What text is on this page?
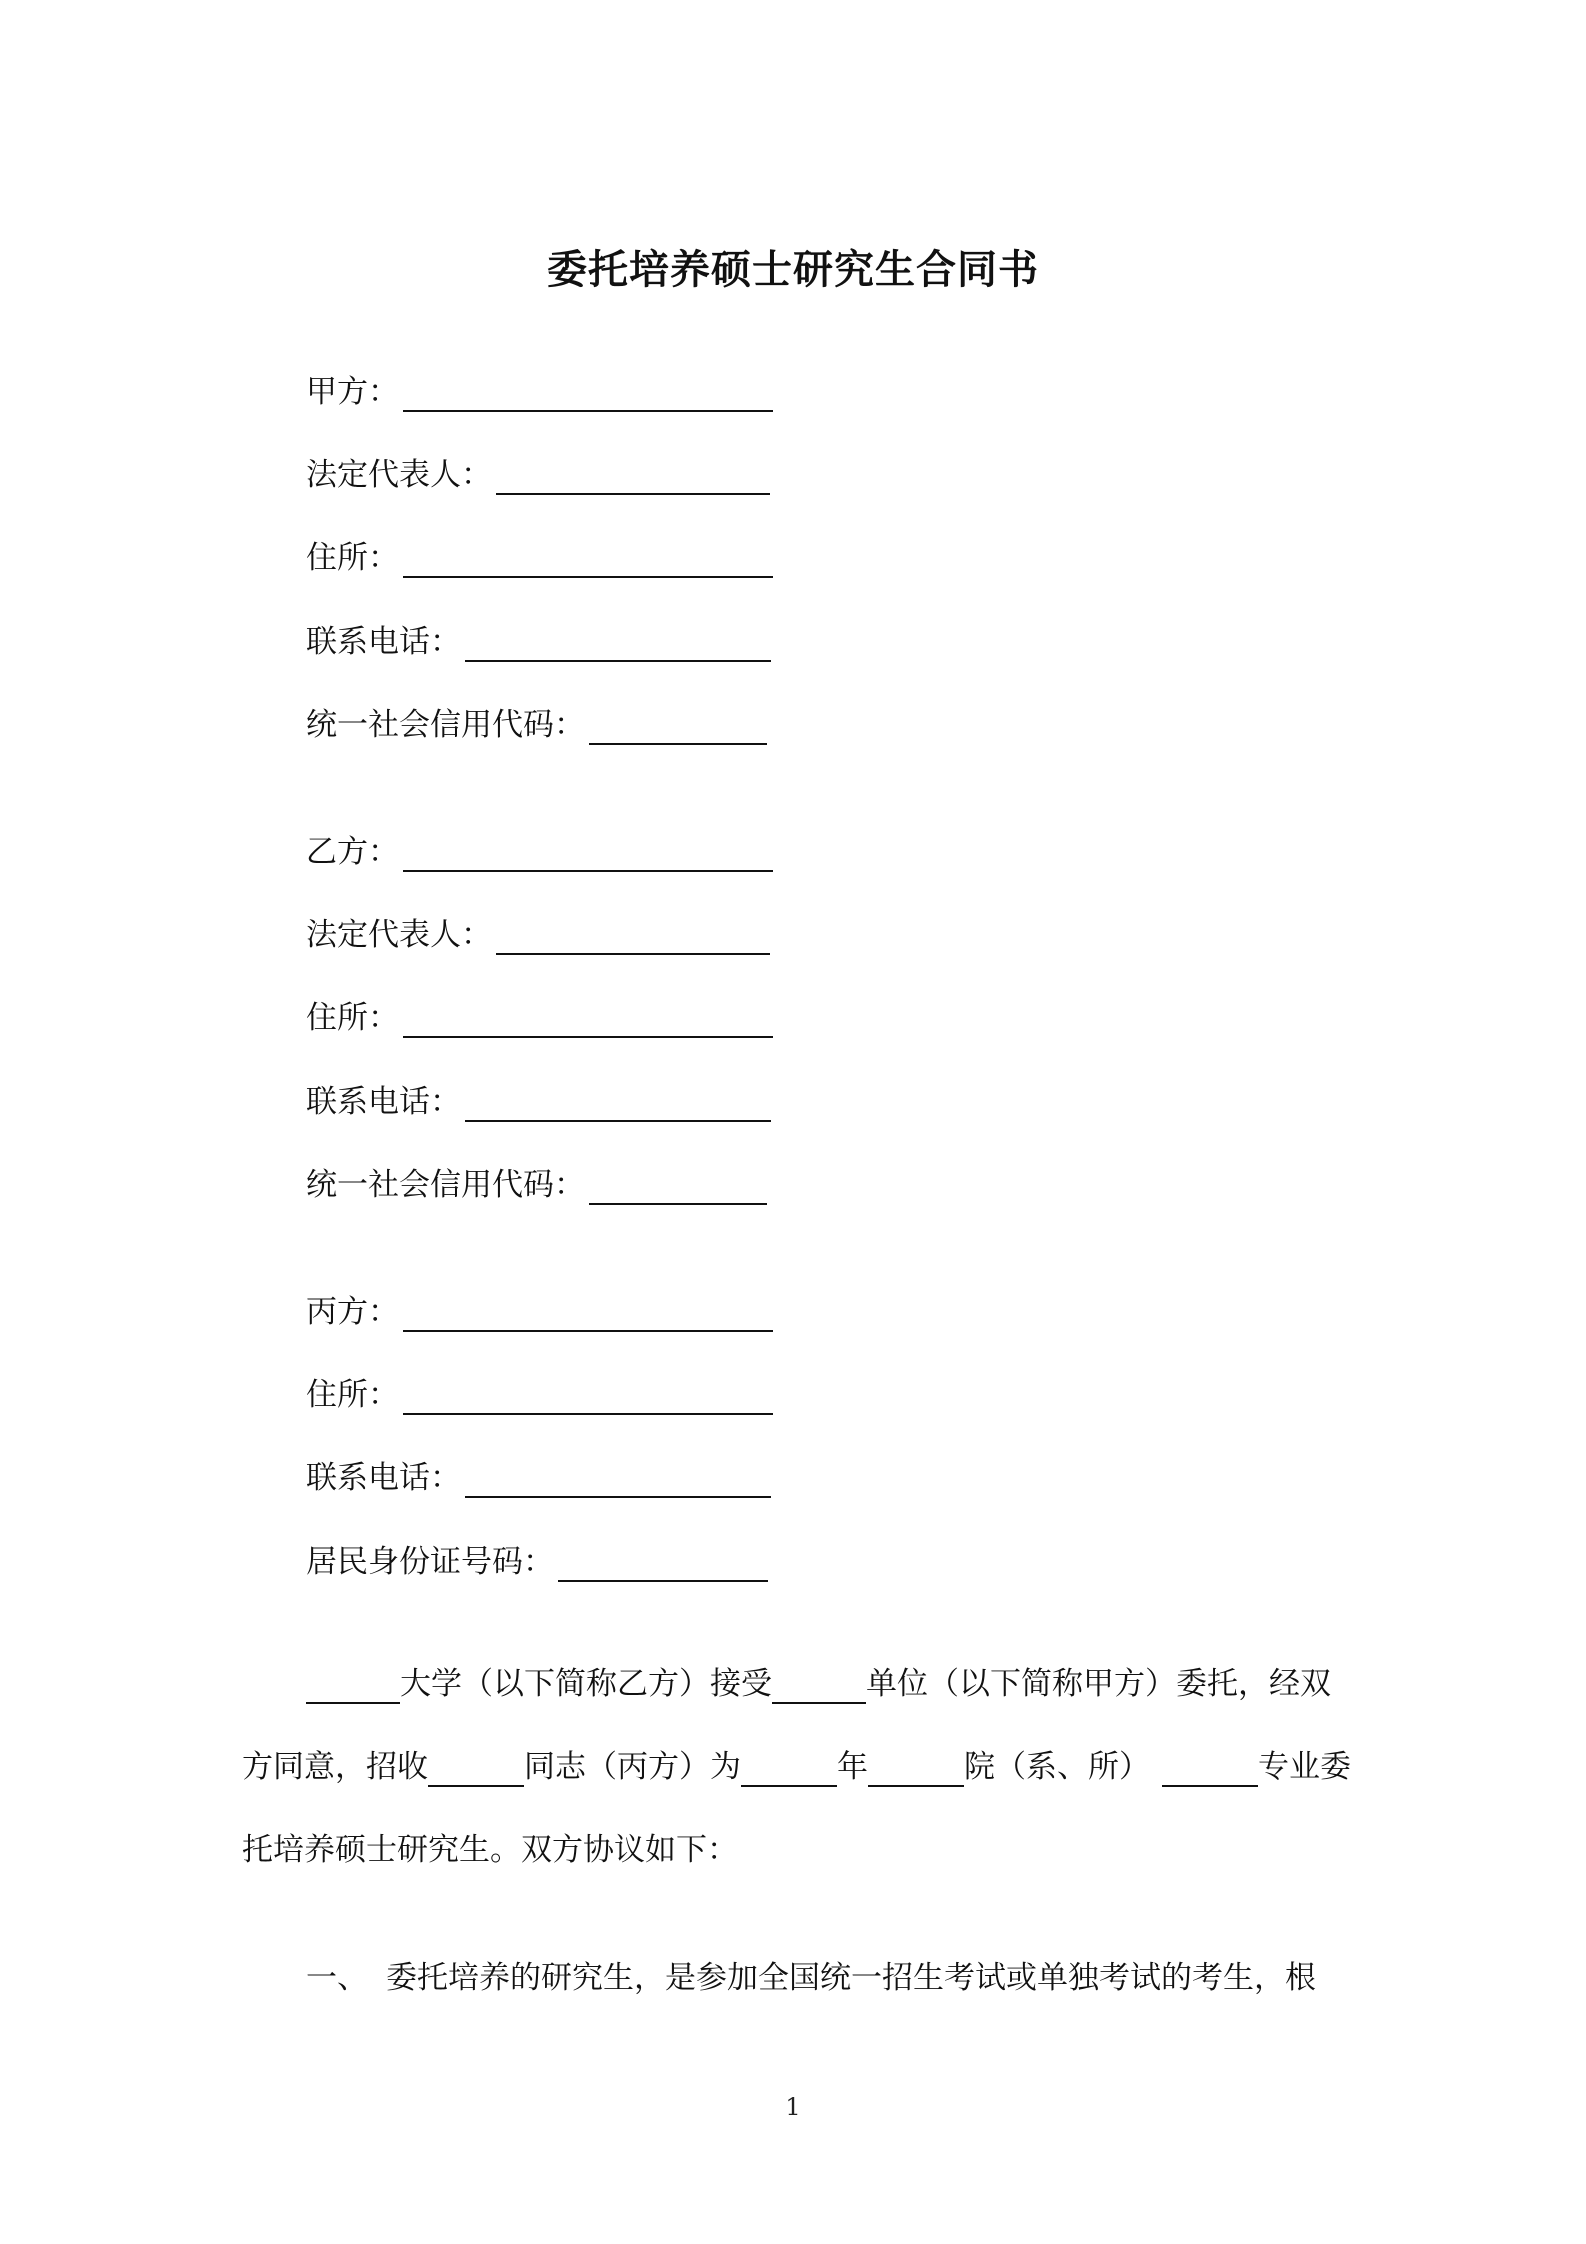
委托培养硕士研究生合同书
甲方：
法定代表人：
住所：
联系电话：
统一社会信用代码：
乙方：
法定代表人：
住所：
联系电话：
统一社会信用代码：
丙方：
住所：
联系电话：
居民身份证号码：
大学（以下简称乙方）接受	单位（以下简称甲方）委托，经双
方同意，招收	同志（丙方）为	年	院（系、所）	专业委
托培养硕士研究生。双方协议如下：
一、 委托培养的研究生，是参加全国统一招生考试或单独考试的考生，根
1
